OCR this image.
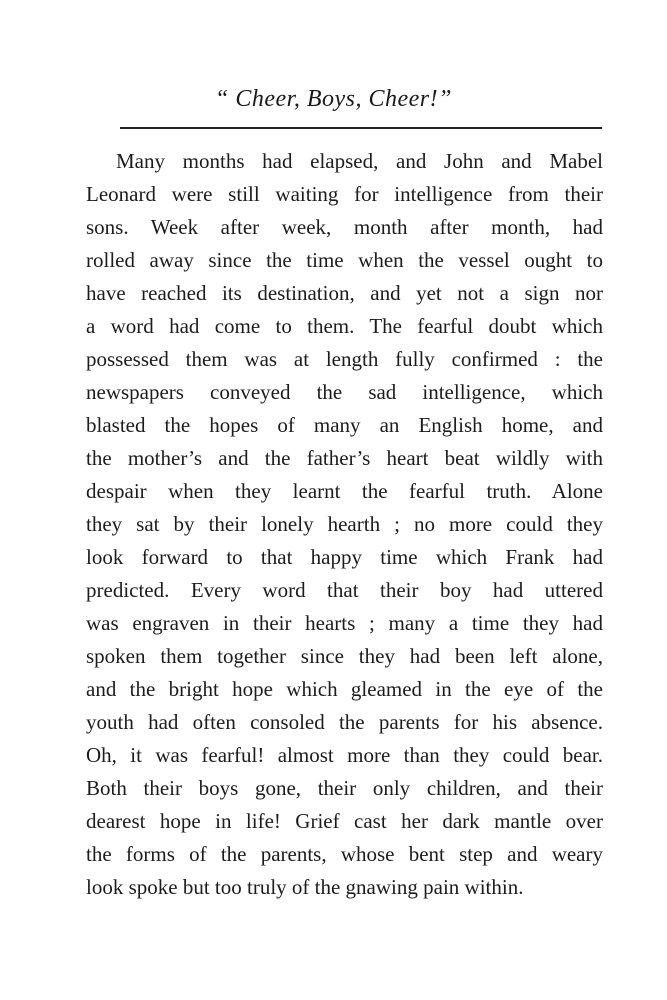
“ Cheer, Boys, Cheer!”
Many months had elapsed, and John and Mabel
Leonard were still waiting for intelligence from their
sons. Week after week, month after month, had
rolled away since the time when the vessel ought to
have reached its destination, and yet not a sign nor
a word had come to them. The fearful doubt which
possessed them was at length fully confirmed : the
newspapers conveyed the sad intelligence, which
blasted the hopes of many an English home, and
the mother’s and the father’s heart beat wildly with
despair when they learnt the fearful truth. Alone
they sat by their lonely hearth ; no more could they
look forward to that happy time which Frank had
predicted. Every word that their boy had uttered
was engraven in their hearts ; many a time they had
spoken them together since they had been left alone,
and the bright hope which gleamed in the eye of the
youth had often consoled the parents for his absence.
Oh, it was fearful! almost more than they could bear.
Both their boys gone, their only children, and their
dearest hope in life! Grief cast her dark mantle over
the forms of the parents, whose bent step and weary
look spoke but too truly of the gnawing pain within.
